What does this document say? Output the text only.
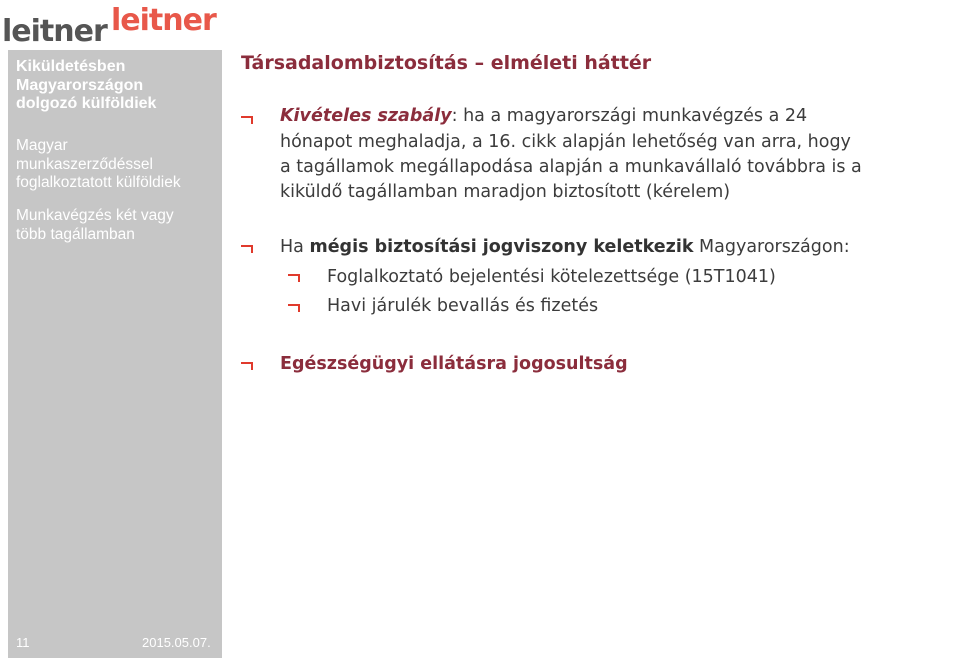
leitner leitner
Kiküldetésben
Magyarországon
dolgozó külföldiek
Magyar
munkaszerződéssel
foglalkoztatott külföldiek
Munkavégzés két vagy
több tagállamban
11	2015.05.07.
Társadalombiztosítás – elméleti háttér
Kivételes szabály: ha a magyarországi munkavégzés a 24
hónapot meghaladja, a 16. cikk alapján lehetőség van arra, hogy
a tagállamok megállapodása alapján a munkavállaló továbbra is a
kiküldő tagállamban maradjon biztosított (kérelem)
Ha mégis biztosítási jogviszony keletkezik Magyarországon:
Foglalkoztató bejelentési kötelezettsége (15T1041)
Havi járulék bevallás és fizetés
Egészségügyi ellátásra jogosultság
